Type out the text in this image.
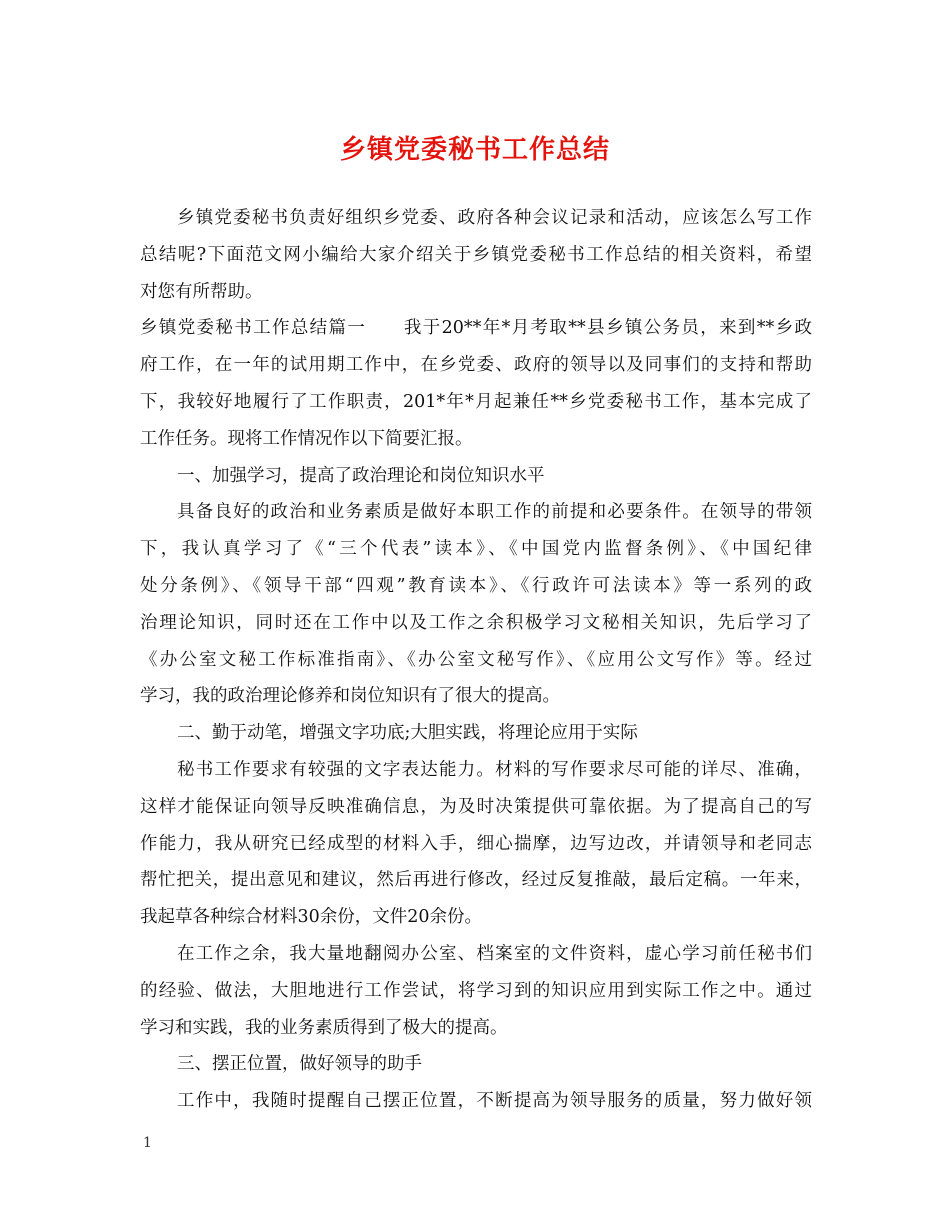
乡镇党委秘书工作总结
乡镇党委秘书负责好组织乡党委、政府各种会议记录和活动，应该怎么写工作
总结呢?下面范文网小编给大家介绍关于乡镇党委秘书工作总结的相关资料，希望
对您有所帮助。
乡镇党委秘书工作总结篇一　　我于20**年*月考取**县乡镇公务员，来到**乡政
府工作，在一年的试用期工作中，在乡党委、政府的领导以及同事们的支持和帮助
下，我较好地履行了工作职责，201*年*月起兼任**乡党委秘书工作，基本完成了
工作任务。现将工作情况作以下简要汇报。
一、加强学习，提高了政治理论和岗位知识水平
具备良好的政治和业务素质是做好本职工作的前提和必要条件。在领导的带领
下，我认真学习了《“三个代表”读本》、《中国党内监督条例》、《中国纪律
处分条例》、《领导干部“四观”教育读本》、《行政许可法读本》等一系列的政
治理论知识，同时还在工作中以及工作之余积极学习文秘相关知识，先后学习了
《办公室文秘工作标准指南》、《办公室文秘写作》、《应用公文写作》等。经过
学习，我的政治理论修养和岗位知识有了很大的提高。
二、勤于动笔，增强文字功底;大胆实践，将理论应用于实际
秘书工作要求有较强的文字表达能力。材料的写作要求尽可能的详尽、准确，
这样才能保证向领导反映准确信息，为及时决策提供可靠依据。为了提高自己的写
作能力，我从研究已经成型的材料入手，细心揣摩，边写边改，并请领导和老同志
帮忙把关，提出意见和建议，然后再进行修改，经过反复推敲，最后定稿。一年来，
我起草各种综合材料30余份，文件20余份。
在工作之余，我大量地翻阅办公室、档案室的文件资料，虚心学习前任秘书们
的经验、做法，大胆地进行工作尝试，将学习到的知识应用到实际工作之中。通过
学习和实践，我的业务素质得到了极大的提高。
三、摆正位置，做好领导的助手
工作中，我随时提醒自己摆正位置，不断提高为领导服务的质量，努力做好领
1
